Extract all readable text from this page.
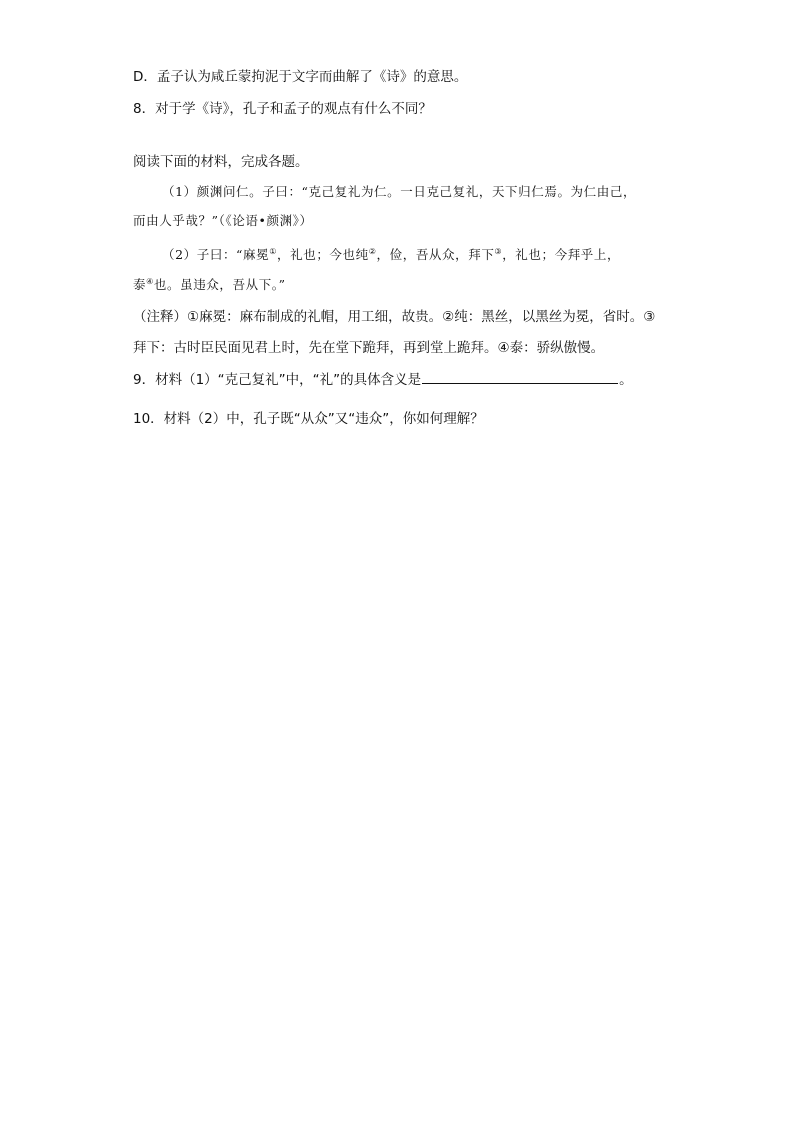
D．孟子认为咸丘蒙拘泥于文字而曲解了《诗》的意思。
8．对于学《诗》，孔子和孟子的观点有什么不同？
阅读下面的材料，完成各题。
（1）颜渊问仁。子曰：“克己复礼为仁。一日克己复礼，天下归仁焉。为仁由己，
而由人乎哉？”（《论语•颜渊》）
（2）子曰：“麻冕①，礼也；今也纯②，俭，吾从众，拜下③，礼也；今拜乎上，
泰④也。虽违众，吾从下。”
（注释）①麻冕：麻布制成的礼帽，用工细，故贵。②纯：黑丝，以黑丝为冕，省时。③
拜下：古时臣民面见君上时，先在堂下跪拜，再到堂上跪拜。④泰：骄纵傲慢。
9．材料（1）“克己复礼”中，“礼”的具体含义是	。
10．材料（2）中，孔子既“从众”又“违众”，你如何理解？
